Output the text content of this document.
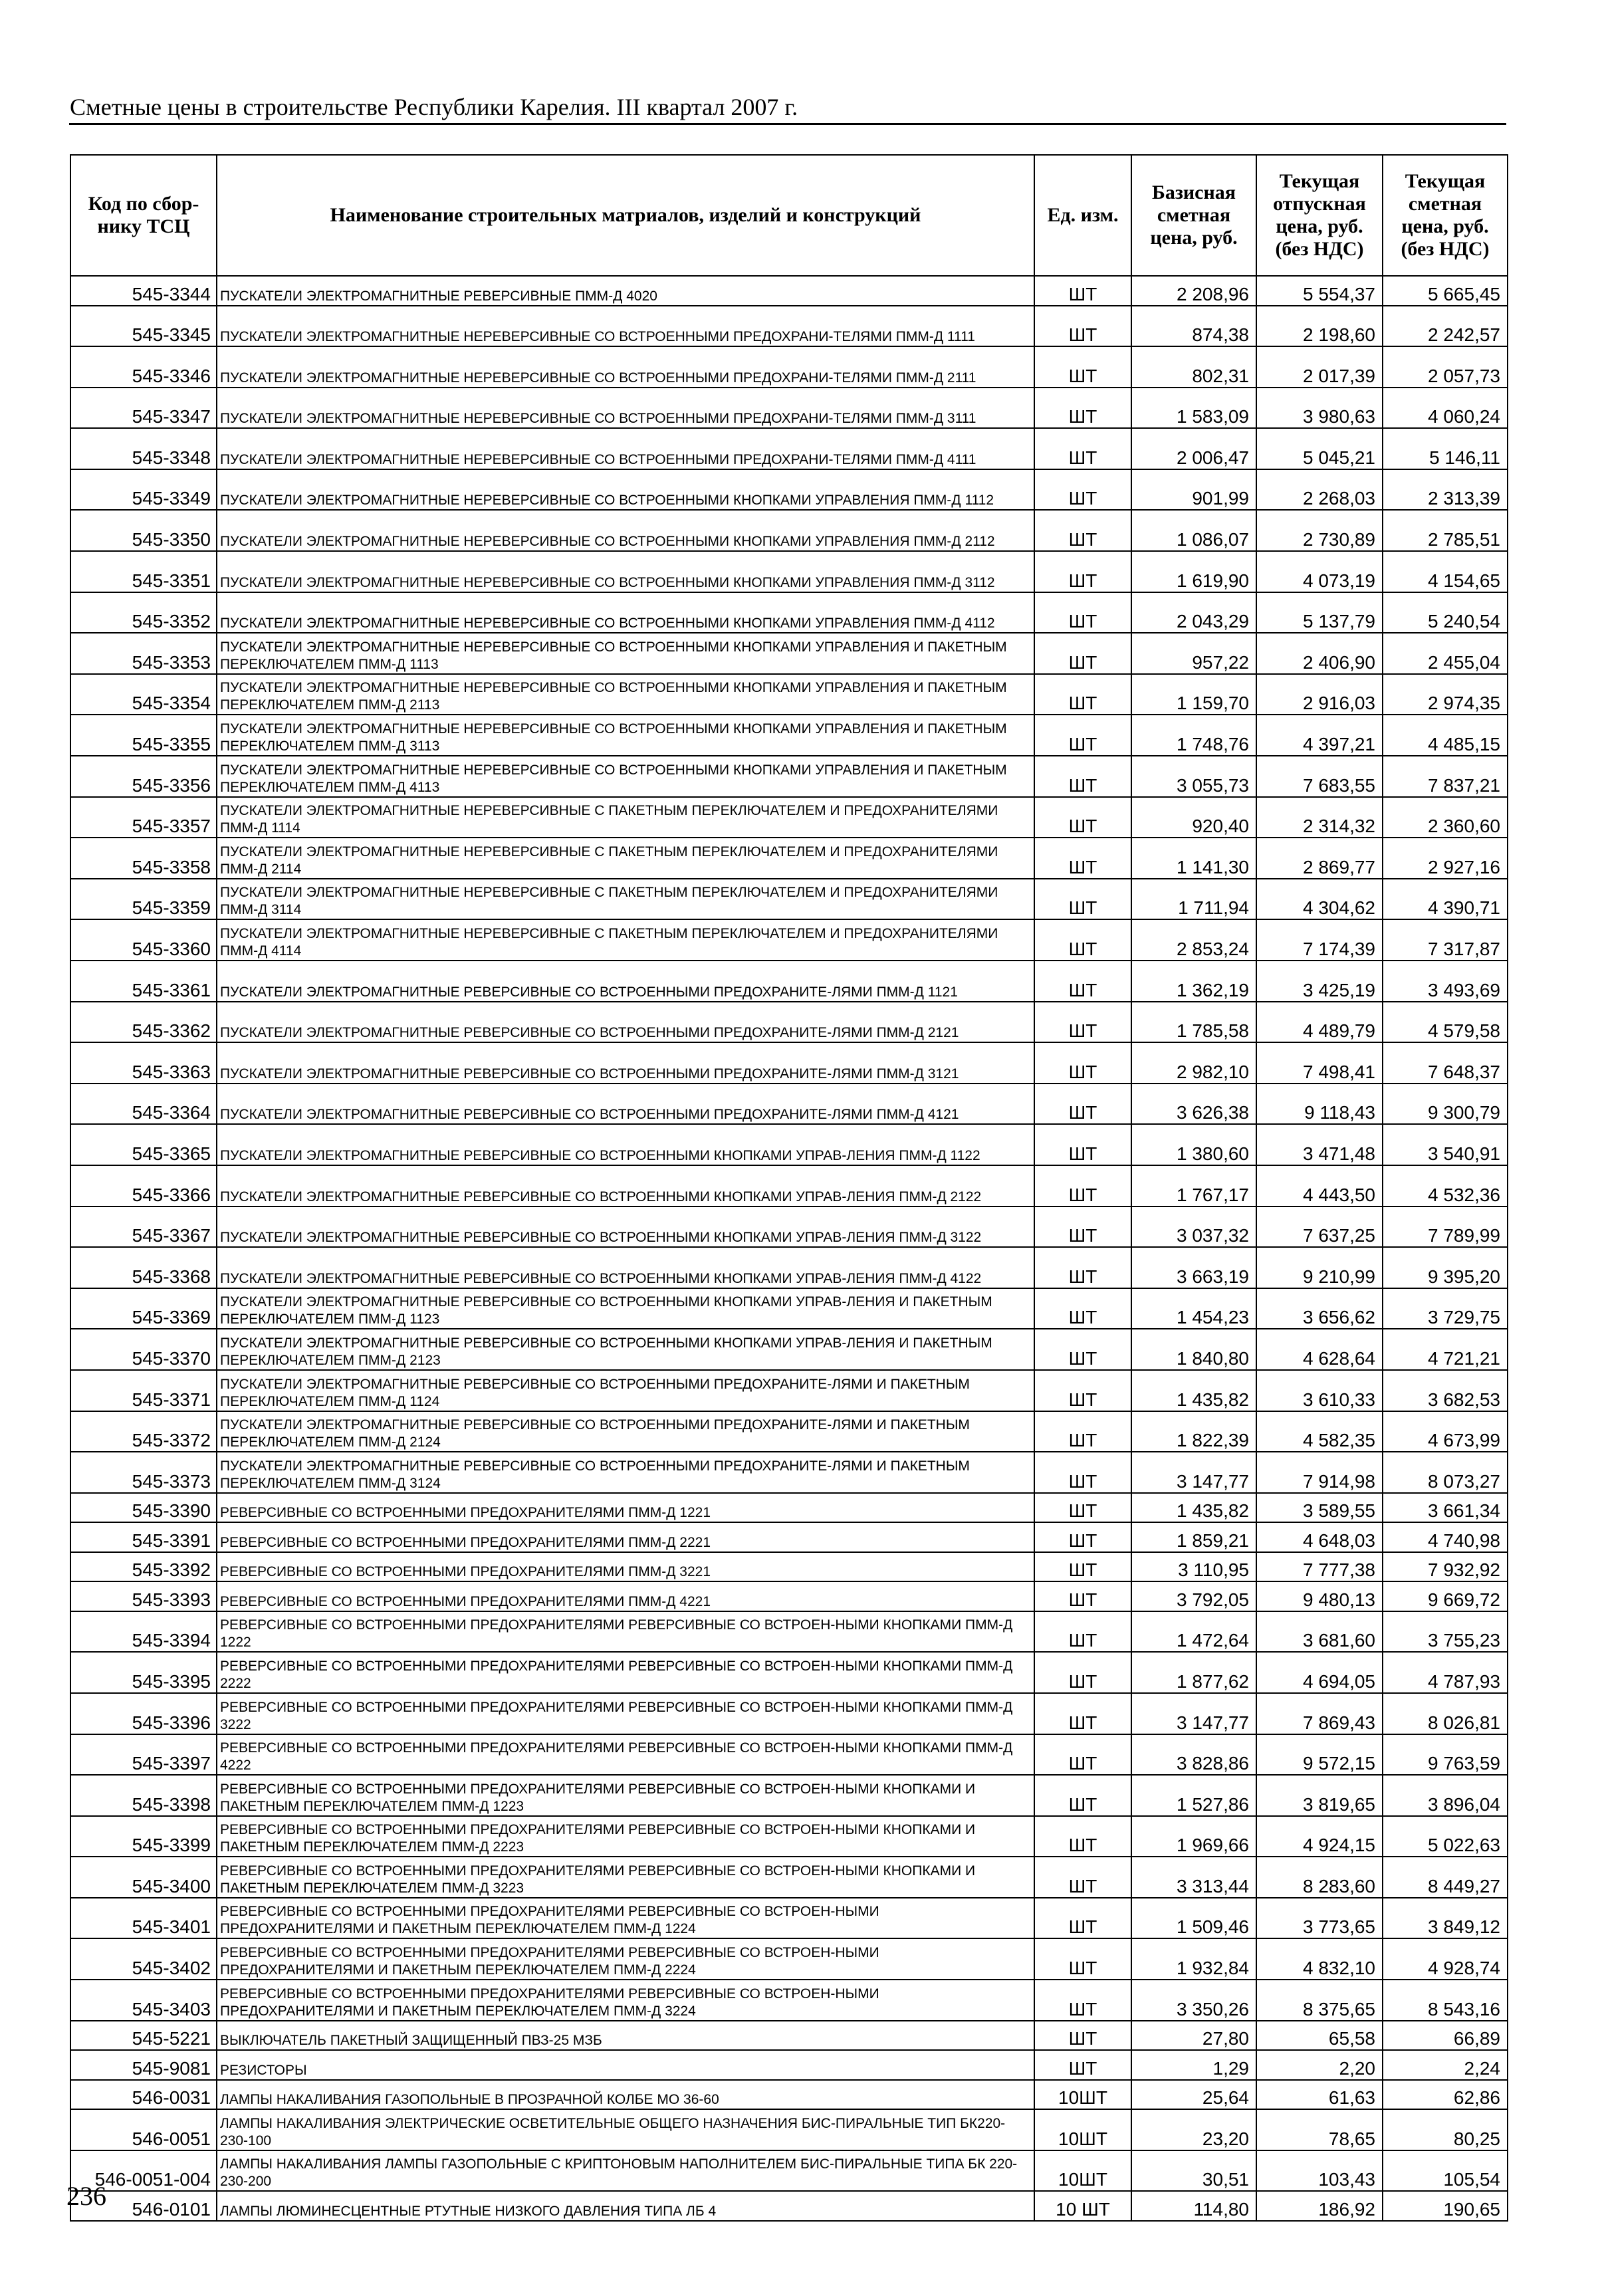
Сметные цены в строительстве Республики Карелия. III квартал 2007 г.
Код по сбор-нику ТСЦ	Наименование строительных матриалов, изделий и конструкций	Ед. изм.	Базисная сметная цена, руб.	Текущая отпускная цена, руб. (без НДС)	Текущая сметная цена, руб. (без НДС)
545-3344	ПУСКАТЕЛИ ЭЛЕКТРОМАГНИТНЫЕ РЕВЕРСИВНЫЕ ПММ-Д 4020	ШТ	2 208,96	5 554,37	5 665,45
545-3345	ПУСКАТЕЛИ ЭЛЕКТРОМАГНИТНЫЕ НЕРЕВЕРСИВНЫЕ СО ВСТРОЕННЫМИ ПРЕДОХРАНИ-ТЕЛЯМИ ПММ-Д 1111	ШТ	874,38	2 198,60	2 242,57
545-3346	ПУСКАТЕЛИ ЭЛЕКТРОМАГНИТНЫЕ НЕРЕВЕРСИВНЫЕ СО ВСТРОЕННЫМИ ПРЕДОХРАНИ-ТЕЛЯМИ ПММ-Д 2111	ШТ	802,31	2 017,39	2 057,73
545-3347	ПУСКАТЕЛИ ЭЛЕКТРОМАГНИТНЫЕ НЕРЕВЕРСИВНЫЕ СО ВСТРОЕННЫМИ ПРЕДОХРАНИ-ТЕЛЯМИ ПММ-Д 3111	ШТ	1 583,09	3 980,63	4 060,24
545-3348	ПУСКАТЕЛИ ЭЛЕКТРОМАГНИТНЫЕ НЕРЕВЕРСИВНЫЕ СО ВСТРОЕННЫМИ ПРЕДОХРАНИ-ТЕЛЯМИ ПММ-Д 4111	ШТ	2 006,47	5 045,21	5 146,11
545-3349	ПУСКАТЕЛИ ЭЛЕКТРОМАГНИТНЫЕ НЕРЕВЕРСИВНЫЕ СО ВСТРОЕННЫМИ КНОПКАМИ УПРАВЛЕНИЯ ПММ-Д 1112	ШТ	901,99	2 268,03	2 313,39
545-3350	ПУСКАТЕЛИ ЭЛЕКТРОМАГНИТНЫЕ НЕРЕВЕРСИВНЫЕ СО ВСТРОЕННЫМИ КНОПКАМИ УПРАВЛЕНИЯ ПММ-Д 2112	ШТ	1 086,07	2 730,89	2 785,51
545-3351	ПУСКАТЕЛИ ЭЛЕКТРОМАГНИТНЫЕ НЕРЕВЕРСИВНЫЕ СО ВСТРОЕННЫМИ КНОПКАМИ УПРАВЛЕНИЯ ПММ-Д 3112	ШТ	1 619,90	4 073,19	4 154,65
545-3352	ПУСКАТЕЛИ ЭЛЕКТРОМАГНИТНЫЕ НЕРЕВЕРСИВНЫЕ СО ВСТРОЕННЫМИ КНОПКАМИ УПРАВЛЕНИЯ ПММ-Д 4112	ШТ	2 043,29	5 137,79	5 240,54
545-3353	ПУСКАТЕЛИ ЭЛЕКТРОМАГНИТНЫЕ НЕРЕВЕРСИВНЫЕ СО ВСТРОЕННЫМИ КНОПКАМИ УПРАВЛЕНИЯ И ПАКЕТНЫМ ПЕРЕКЛЮЧАТЕЛЕМ ПММ-Д 1113	ШТ	957,22	2 406,90	2 455,04
545-3354	ПУСКАТЕЛИ ЭЛЕКТРОМАГНИТНЫЕ НЕРЕВЕРСИВНЫЕ СО ВСТРОЕННЫМИ КНОПКАМИ УПРАВЛЕНИЯ И ПАКЕТНЫМ ПЕРЕКЛЮЧАТЕЛЕМ ПММ-Д 2113	ШТ	1 159,70	2 916,03	2 974,35
545-3355	ПУСКАТЕЛИ ЭЛЕКТРОМАГНИТНЫЕ НЕРЕВЕРСИВНЫЕ СО ВСТРОЕННЫМИ КНОПКАМИ УПРАВЛЕНИЯ И ПАКЕТНЫМ ПЕРЕКЛЮЧАТЕЛЕМ ПММ-Д 3113	ШТ	1 748,76	4 397,21	4 485,15
545-3356	ПУСКАТЕЛИ ЭЛЕКТРОМАГНИТНЫЕ НЕРЕВЕРСИВНЫЕ СО ВСТРОЕННЫМИ КНОПКАМИ УПРАВЛЕНИЯ И ПАКЕТНЫМ ПЕРЕКЛЮЧАТЕЛЕМ ПММ-Д 4113	ШТ	3 055,73	7 683,55	7 837,21
545-3357	ПУСКАТЕЛИ ЭЛЕКТРОМАГНИТНЫЕ НЕРЕВЕРСИВНЫЕ С ПАКЕТНЫМ ПЕРЕКЛЮЧАТЕЛЕМ И ПРЕДОХРАНИТЕЛЯМИ ПММ-Д 1114	ШТ	920,40	2 314,32	2 360,60
545-3358	ПУСКАТЕЛИ ЭЛЕКТРОМАГНИТНЫЕ НЕРЕВЕРСИВНЫЕ С ПАКЕТНЫМ ПЕРЕКЛЮЧАТЕЛЕМ И ПРЕДОХРАНИТЕЛЯМИ ПММ-Д 2114	ШТ	1 141,30	2 869,77	2 927,16
545-3359	ПУСКАТЕЛИ ЭЛЕКТРОМАГНИТНЫЕ НЕРЕВЕРСИВНЫЕ С ПАКЕТНЫМ ПЕРЕКЛЮЧАТЕЛЕМ И ПРЕДОХРАНИТЕЛЯМИ ПММ-Д 3114	ШТ	1 711,94	4 304,62	4 390,71
545-3360	ПУСКАТЕЛИ ЭЛЕКТРОМАГНИТНЫЕ НЕРЕВЕРСИВНЫЕ С ПАКЕТНЫМ ПЕРЕКЛЮЧАТЕЛЕМ И ПРЕДОХРАНИТЕЛЯМИ ПММ-Д 4114	ШТ	2 853,24	7 174,39	7 317,87
545-3361	ПУСКАТЕЛИ ЭЛЕКТРОМАГНИТНЫЕ РЕВЕРСИВНЫЕ СО ВСТРОЕННЫМИ ПРЕДОХРАНИТЕ-ЛЯМИ ПММ-Д 1121	ШТ	1 362,19	3 425,19	3 493,69
545-3362	ПУСКАТЕЛИ ЭЛЕКТРОМАГНИТНЫЕ РЕВЕРСИВНЫЕ СО ВСТРОЕННЫМИ ПРЕДОХРАНИТЕ-ЛЯМИ ПММ-Д 2121	ШТ	1 785,58	4 489,79	4 579,58
545-3363	ПУСКАТЕЛИ ЭЛЕКТРОМАГНИТНЫЕ РЕВЕРСИВНЫЕ СО ВСТРОЕННЫМИ ПРЕДОХРАНИТЕ-ЛЯМИ ПММ-Д 3121	ШТ	2 982,10	7 498,41	7 648,37
545-3364	ПУСКАТЕЛИ ЭЛЕКТРОМАГНИТНЫЕ РЕВЕРСИВНЫЕ СО ВСТРОЕННЫМИ ПРЕДОХРАНИТЕ-ЛЯМИ ПММ-Д 4121	ШТ	3 626,38	9 118,43	9 300,79
545-3365	ПУСКАТЕЛИ ЭЛЕКТРОМАГНИТНЫЕ РЕВЕРСИВНЫЕ СО ВСТРОЕННЫМИ КНОПКАМИ УПРАВ-ЛЕНИЯ ПММ-Д 1122	ШТ	1 380,60	3 471,48	3 540,91
545-3366	ПУСКАТЕЛИ ЭЛЕКТРОМАГНИТНЫЕ РЕВЕРСИВНЫЕ СО ВСТРОЕННЫМИ КНОПКАМИ УПРАВ-ЛЕНИЯ ПММ-Д 2122	ШТ	1 767,17	4 443,50	4 532,36
545-3367	ПУСКАТЕЛИ ЭЛЕКТРОМАГНИТНЫЕ РЕВЕРСИВНЫЕ СО ВСТРОЕННЫМИ КНОПКАМИ УПРАВ-ЛЕНИЯ ПММ-Д 3122	ШТ	3 037,32	7 637,25	7 789,99
545-3368	ПУСКАТЕЛИ ЭЛЕКТРОМАГНИТНЫЕ РЕВЕРСИВНЫЕ СО ВСТРОЕННЫМИ КНОПКАМИ УПРАВ-ЛЕНИЯ ПММ-Д 4122	ШТ	3 663,19	9 210,99	9 395,20
545-3369	ПУСКАТЕЛИ ЭЛЕКТРОМАГНИТНЫЕ РЕВЕРСИВНЫЕ СО ВСТРОЕННЫМИ КНОПКАМИ УПРАВ-ЛЕНИЯ И ПАКЕТНЫМ ПЕРЕКЛЮЧАТЕЛЕМ ПММ-Д 1123	ШТ	1 454,23	3 656,62	3 729,75
545-3370	ПУСКАТЕЛИ ЭЛЕКТРОМАГНИТНЫЕ РЕВЕРСИВНЫЕ СО ВСТРОЕННЫМИ КНОПКАМИ УПРАВ-ЛЕНИЯ И ПАКЕТНЫМ ПЕРЕКЛЮЧАТЕЛЕМ ПММ-Д 2123	ШТ	1 840,80	4 628,64	4 721,21
545-3371	ПУСКАТЕЛИ ЭЛЕКТРОМАГНИТНЫЕ РЕВЕРСИВНЫЕ СО ВСТРОЕННЫМИ ПРЕДОХРАНИТЕ-ЛЯМИ И ПАКЕТНЫМ ПЕРЕКЛЮЧАТЕЛЕМ ПММ-Д 1124	ШТ	1 435,82	3 610,33	3 682,53
545-3372	ПУСКАТЕЛИ ЭЛЕКТРОМАГНИТНЫЕ РЕВЕРСИВНЫЕ СО ВСТРОЕННЫМИ ПРЕДОХРАНИТЕ-ЛЯМИ И ПАКЕТНЫМ ПЕРЕКЛЮЧАТЕЛЕМ ПММ-Д 2124	ШТ	1 822,39	4 582,35	4 673,99
545-3373	ПУСКАТЕЛИ ЭЛЕКТРОМАГНИТНЫЕ РЕВЕРСИВНЫЕ СО ВСТРОЕННЫМИ ПРЕДОХРАНИТЕ-ЛЯМИ И ПАКЕТНЫМ ПЕРЕКЛЮЧАТЕЛЕМ ПММ-Д 3124	ШТ	3 147,77	7 914,98	8 073,27
545-3390	РЕВЕРСИВНЫЕ СО ВСТРОЕННЫМИ ПРЕДОХРАНИТЕЛЯМИ ПММ-Д 1221	ШТ	1 435,82	3 589,55	3 661,34
545-3391	РЕВЕРСИВНЫЕ СО ВСТРОЕННЫМИ ПРЕДОХРАНИТЕЛЯМИ ПММ-Д 2221	ШТ	1 859,21	4 648,03	4 740,98
545-3392	РЕВЕРСИВНЫЕ СО ВСТРОЕННЫМИ ПРЕДОХРАНИТЕЛЯМИ ПММ-Д 3221	ШТ	3 110,95	7 777,38	7 932,92
545-3393	РЕВЕРСИВНЫЕ СО ВСТРОЕННЫМИ ПРЕДОХРАНИТЕЛЯМИ ПММ-Д 4221	ШТ	3 792,05	9 480,13	9 669,72
545-3394	РЕВЕРСИВНЫЕ СО ВСТРОЕННЫМИ ПРЕДОХРАНИТЕЛЯМИ РЕВЕРСИВНЫЕ СО ВСТРОЕН-НЫМИ КНОПКАМИ ПММ-Д 1222	ШТ	1 472,64	3 681,60	3 755,23
545-3395	РЕВЕРСИВНЫЕ СО ВСТРОЕННЫМИ ПРЕДОХРАНИТЕЛЯМИ РЕВЕРСИВНЫЕ СО ВСТРОЕН-НЫМИ КНОПКАМИ ПММ-Д 2222	ШТ	1 877,62	4 694,05	4 787,93
545-3396	РЕВЕРСИВНЫЕ СО ВСТРОЕННЫМИ ПРЕДОХРАНИТЕЛЯМИ РЕВЕРСИВНЫЕ СО ВСТРОЕН-НЫМИ КНОПКАМИ ПММ-Д 3222	ШТ	3 147,77	7 869,43	8 026,81
545-3397	РЕВЕРСИВНЫЕ СО ВСТРОЕННЫМИ ПРЕДОХРАНИТЕЛЯМИ РЕВЕРСИВНЫЕ СО ВСТРОЕН-НЫМИ КНОПКАМИ ПММ-Д 4222	ШТ	3 828,86	9 572,15	9 763,59
545-3398	РЕВЕРСИВНЫЕ СО ВСТРОЕННЫМИ ПРЕДОХРАНИТЕЛЯМИ РЕВЕРСИВНЫЕ СО ВСТРОЕН-НЫМИ КНОПКАМИ И ПАКЕТНЫМ ПЕРЕКЛЮЧАТЕЛЕМ ПММ-Д 1223	ШТ	1 527,86	3 819,65	3 896,04
545-3399	РЕВЕРСИВНЫЕ СО ВСТРОЕННЫМИ ПРЕДОХРАНИТЕЛЯМИ РЕВЕРСИВНЫЕ СО ВСТРОЕН-НЫМИ КНОПКАМИ И ПАКЕТНЫМ ПЕРЕКЛЮЧАТЕЛЕМ ПММ-Д 2223	ШТ	1 969,66	4 924,15	5 022,63
545-3400	РЕВЕРСИВНЫЕ СО ВСТРОЕННЫМИ ПРЕДОХРАНИТЕЛЯМИ РЕВЕРСИВНЫЕ СО ВСТРОЕН-НЫМИ КНОПКАМИ И ПАКЕТНЫМ ПЕРЕКЛЮЧАТЕЛЕМ ПММ-Д 3223	ШТ	3 313,44	8 283,60	8 449,27
545-3401	РЕВЕРСИВНЫЕ СО ВСТРОЕННЫМИ ПРЕДОХРАНИТЕЛЯМИ РЕВЕРСИВНЫЕ СО ВСТРОЕН-НЫМИ ПРЕДОХРАНИТЕЛЯМИ И ПАКЕТНЫМ ПЕРЕКЛЮЧАТЕЛЕМ ПММ-Д 1224	ШТ	1 509,46	3 773,65	3 849,12
545-3402	РЕВЕРСИВНЫЕ СО ВСТРОЕННЫМИ ПРЕДОХРАНИТЕЛЯМИ РЕВЕРСИВНЫЕ СО ВСТРОЕН-НЫМИ ПРЕДОХРАНИТЕЛЯМИ И ПАКЕТНЫМ ПЕРЕКЛЮЧАТЕЛЕМ ПММ-Д 2224	ШТ	1 932,84	4 832,10	4 928,74
545-3403	РЕВЕРСИВНЫЕ СО ВСТРОЕННЫМИ ПРЕДОХРАНИТЕЛЯМИ РЕВЕРСИВНЫЕ СО ВСТРОЕН-НЫМИ ПРЕДОХРАНИТЕЛЯМИ И ПАКЕТНЫМ ПЕРЕКЛЮЧАТЕЛЕМ ПММ-Д 3224	ШТ	3 350,26	8 375,65	8 543,16
545-5221	ВЫКЛЮЧАТЕЛЬ ПАКЕТНЫЙ ЗАЩИЩЕННЫЙ ПВЗ-25 МЗБ	ШТ	27,80	65,58	66,89
545-9081	РЕЗИСТОРЫ	ШТ	1,29	2,20	2,24
546-0031	ЛАМПЫ НАКАЛИВАНИЯ ГАЗОПОЛЬНЫЕ В ПРОЗРАЧНОЙ КОЛБЕ МО 36-60	10ШТ	25,64	61,63	62,86
546-0051	ЛАМПЫ НАКАЛИВАНИЯ ЭЛЕКТРИЧЕСКИЕ ОСВЕТИТЕЛЬНЫЕ ОБЩЕГО НАЗНАЧЕНИЯ БИС-ПИРАЛЬНЫЕ ТИП БК220-230-100	10ШТ	23,20	78,65	80,25
546-0051-004	ЛАМПЫ НАКАЛИВАНИЯ ЛАМПЫ ГАЗОПОЛЬНЫЕ С КРИПТОНОВЫМ НАПОЛНИТЕЛЕМ БИС-ПИРАЛЬНЫЕ ТИПА БК 220-230-200	10ШТ	30,51	103,43	105,54
546-0101	ЛАМПЫ ЛЮМИНЕСЦЕНТНЫЕ РТУТНЫЕ НИЗКОГО ДАВЛЕНИЯ ТИПА ЛБ 4	10 ШТ	114,80	186,92	190,65
236
